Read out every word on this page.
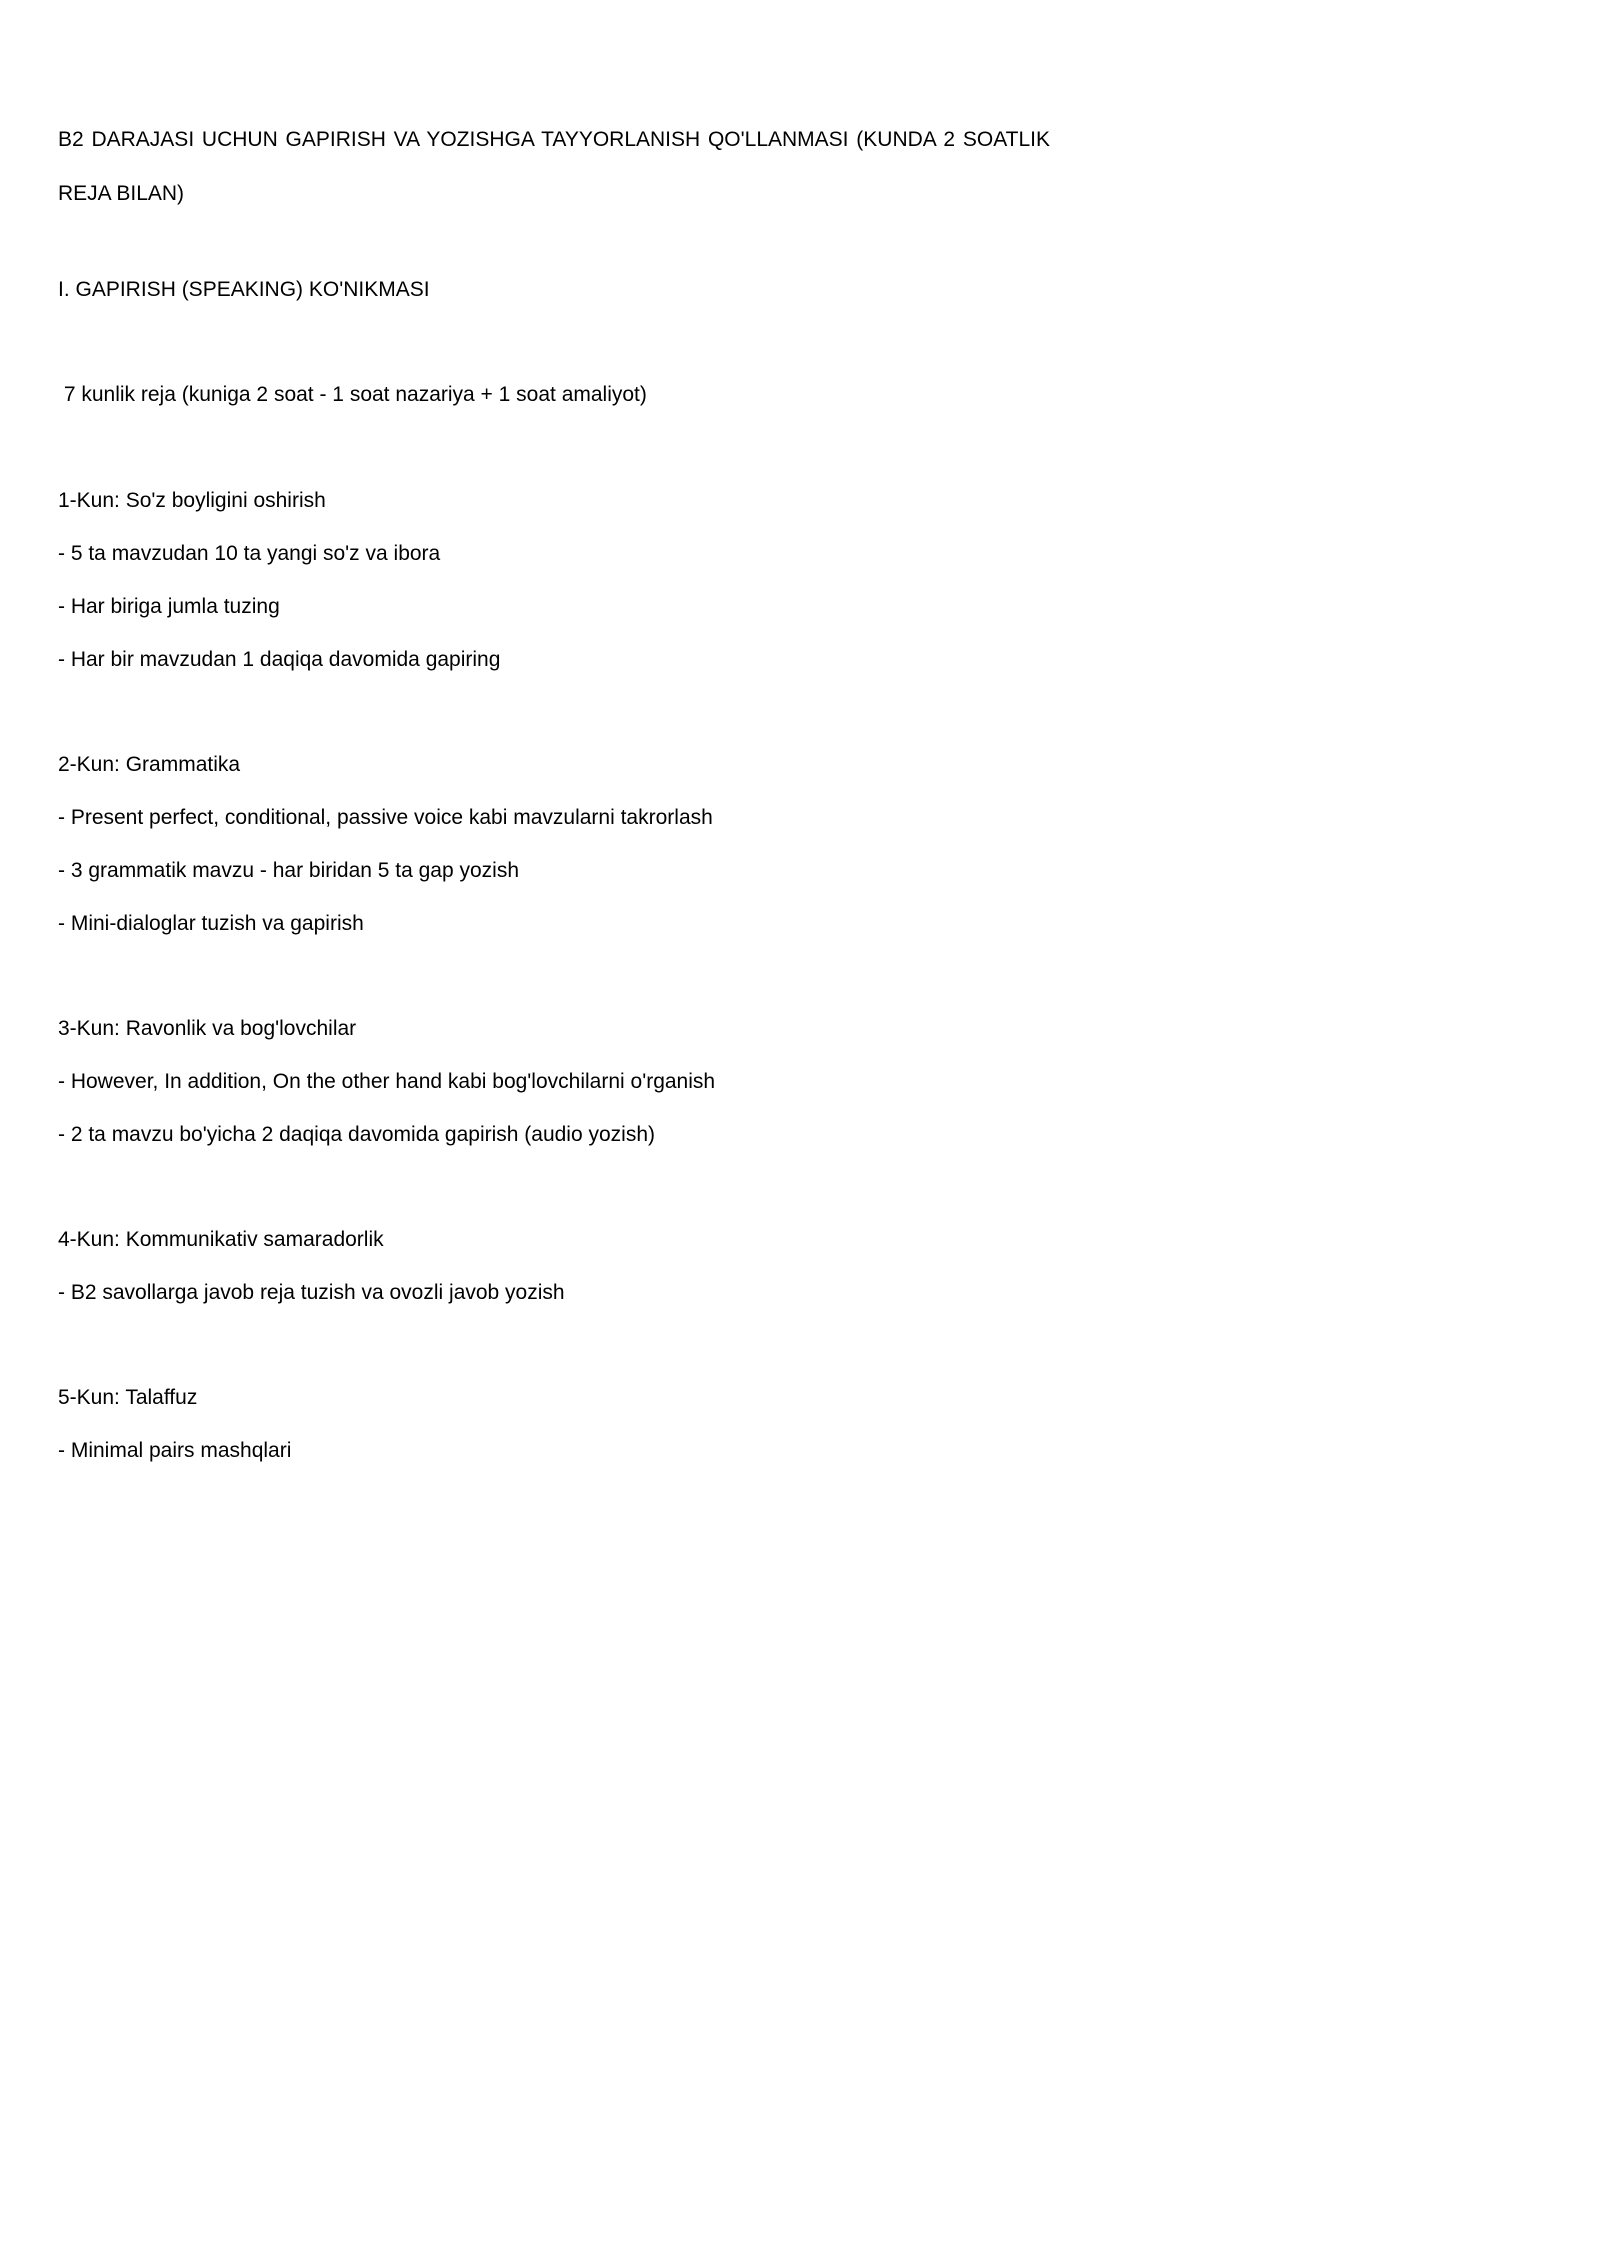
B2 DARAJASI UCHUN GAPIRISH VA YOZISHGA TAYYORLANISH QO'LLANMASI (KUNDA 2 SOATLIK REJA BILAN)

I. GAPIRISH (SPEAKING) KO'NIKMASI

7 kunlik reja (kuniga 2 soat - 1 soat nazariya + 1 soat amaliyot)

1-Kun: So'z boyligini oshirish

- 5 ta mavzudan 10 ta yangi so'z va ibora

- Har biriga jumla tuzing

- Har bir mavzudan 1 daqiqa davomida gapiring

2-Kun: Grammatika

- Present perfect, conditional, passive voice kabi mavzularni takrorlash

- 3 grammatik mavzu - har biridan 5 ta gap yozish

- Mini-dialoglar tuzish va gapirish

3-Kun: Ravonlik va bog'lovchilar

- However, In addition, On the other hand kabi bog'lovchilarni o'rganish

- 2 ta mavzu bo'yicha 2 daqiqa davomida gapirish (audio yozish)

4-Kun: Kommunikativ samaradorlik

- B2 savollarga javob reja tuzish va ovozli javob yozish

5-Kun: Talaffuz

- Minimal pairs mashqlari
